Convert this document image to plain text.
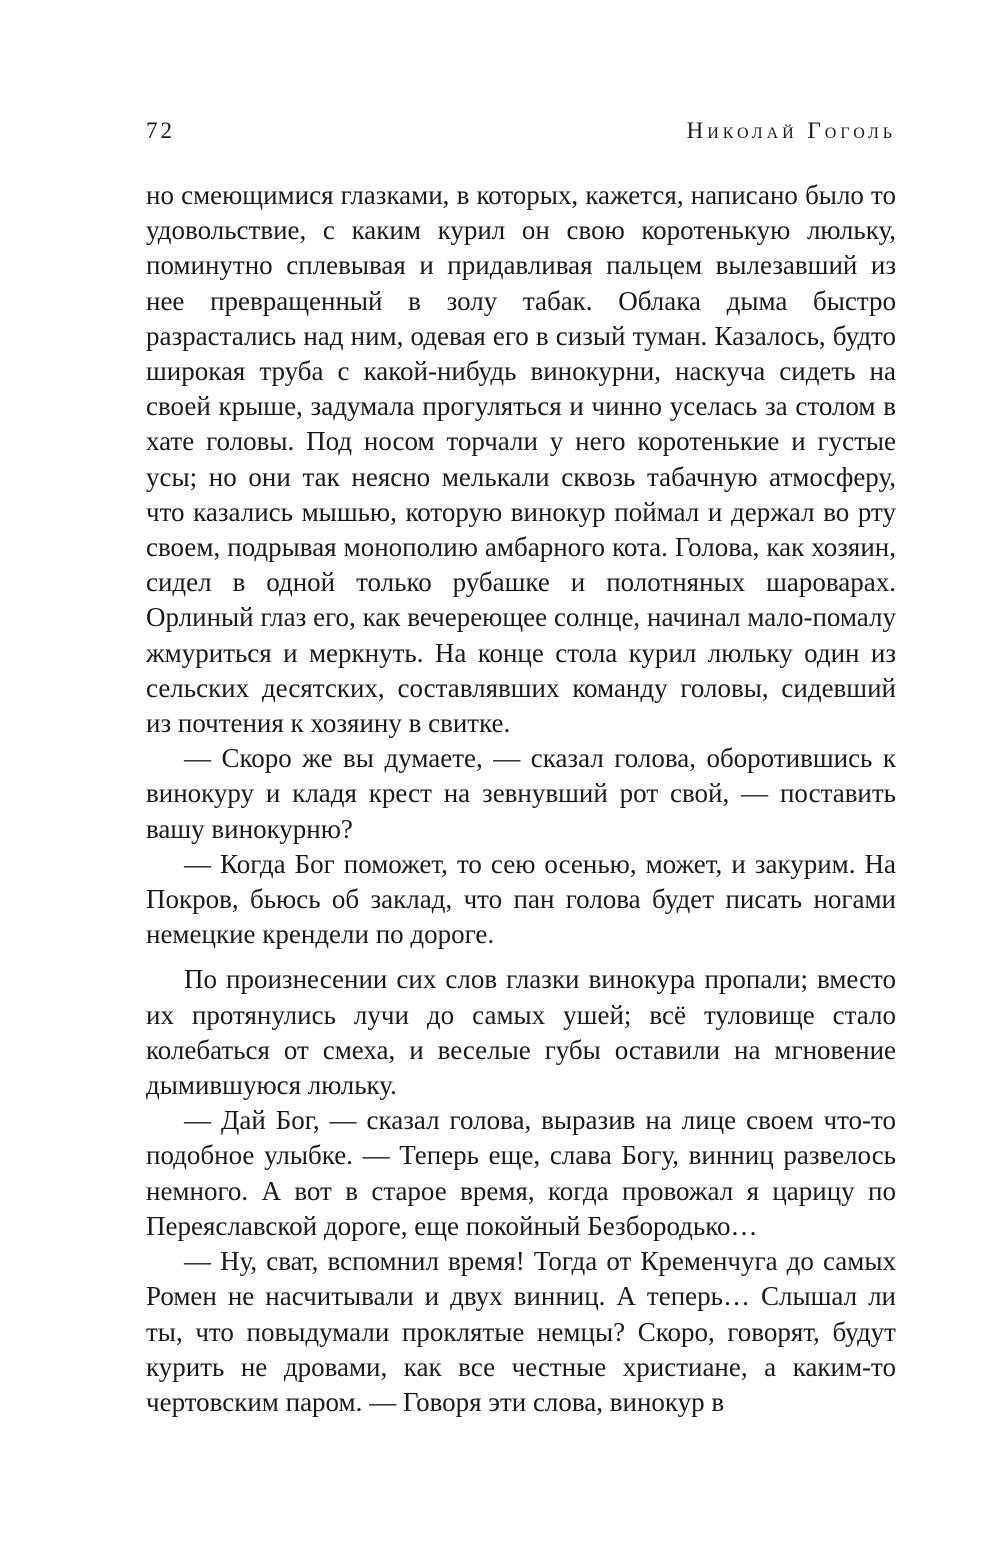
72	Николай Гоголь

но смеющимися глазками, в которых, кажется, написано было то удовольствие, с каким курил он свою коротенькую люльку, поминутно сплевывая и придавливая пальцем вылезавший из нее превращенный в золу табак. Облака дыма быстро разрастались над ним, одевая его в сизый туман. Казалось, будто широкая труба с какой-нибудь винокурни, наскуча сидеть на своей крыше, задумала прогуляться и чинно уселась за столом в хате головы. Под носом торчали у него коротенькие и густые усы; но они так неясно мелькали сквозь табачную атмосферу, что казались мышью, которую винокур поймал и держал во рту своем, подрывая монополию амбарного кота. Голова, как хозяин, сидел в одной только рубашке и полотняных шароварах. Орлиный глаз его, как вечереющее солнце, начинал мало-помалу жмуриться и меркнуть. На конце стола курил люльку один из сельских десятских, составлявших команду головы, сидевший из почтения к хозяину в свитке.

— Скоро же вы думаете, — сказал голова, оборотившись к винокуру и кладя крест на зевнувший рот свой, — поставить вашу винокурню?

— Когда Бог поможет, то сею осенью, может, и закурим. На Покров, бьюсь об заклад, что пан голова будет писать ногами немецкие крендели по дороге.

По произнесении сих слов глазки винокура пропали; вместо их протянулись лучи до самых ушей; всё туловище стало колебаться от смеха, и веселые губы оставили на мгновение дымившуюся люльку.

— Дай Бог, — сказал голова, выразив на лице своем что-то подобное улыбке. — Теперь еще, слава Богу, винниц развелось немного. А вот в старое время, когда провожал я царицу по Переяславской дороге, еще покойный Безбородько…

— Ну, сват, вспомнил время! Тогда от Кременчуга до самых Ромен не насчитывали и двух винниц. А теперь… Слышал ли ты, что повыдумали проклятые немцы? Скоро, говорят, будут курить не дровами, как все честные христиане, а каким-то чертовским паром. — Говоря эти слова, винокур в
